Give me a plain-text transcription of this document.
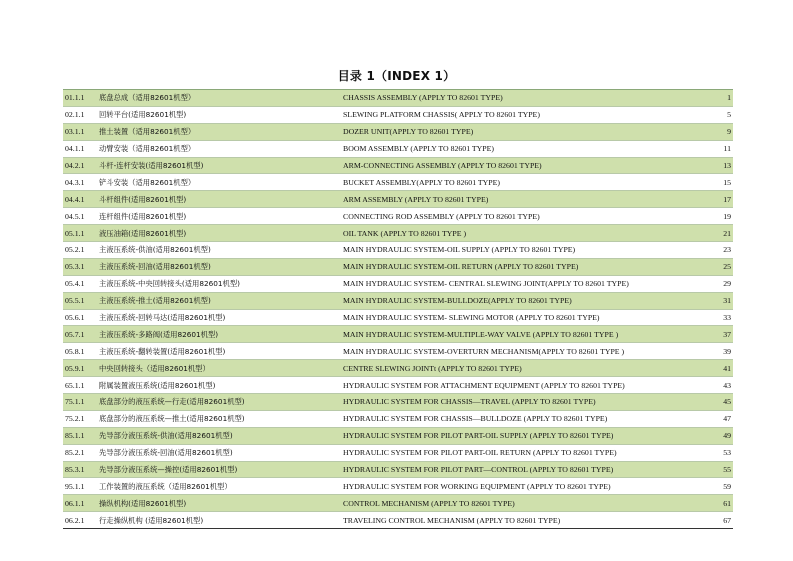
目录 1（INDEX 1）
01.1.1	底盘总成（适用82601机型）	CHASSIS ASSEMBLY (APPLY TO 82601 TYPE)	1
02.1.1	回转平台(适用82601机型)	SLEWING PLATFORM CHASSIS( APPLY TO 82601 TYPE)	5
03.1.1	推土装置（适用82601机型）	DOZER UNIT(APPLY TO 82601 TYPE)	9
04.1.1	动臂安装（适用82601机型）	BOOM ASSEMBLY (APPLY TO 82601 TYPE)	11
04.2.1	斗杆-连杆安装(适用82601机型)	ARM-CONNECTING ASSEMBLY (APPLY TO 82601 TYPE)	13
04.3.1	铲斗安装（适用82601机型）	BUCKET ASSEMBLY(APPLY TO 82601 TYPE)	15
04.4.1	斗杆组件(适用82601机型)	ARM ASSEMBLY (APPLY TO 82601 TYPE)	17
04.5.1	连杆组件(适用82601机型)	CONNECTING ROD ASSEMBLY (APPLY TO 82601 TYPE)	19
05.1.1	液压油箱(适用82601机型)	OIL TANK (APPLY TO 82601 TYPE )	21
05.2.1	主液压系统-供油(适用82601机型)	MAIN HYDRAULIC SYSTEM-OIL SUPPLY (APPLY TO 82601 TYPE)	23
05.3.1	主液压系统-回油(适用82601机型)	MAIN HYDRAULIC SYSTEM-OIL RETURN (APPLY TO 82601 TYPE)	25
05.4.1	主液压系统-中央回转接头(适用82601机型)	MAIN HYDRAULIC SYSTEM- CENTRAL SLEWING JOINT(APPLY TO 82601 TYPE)	29
05.5.1	主液压系统-推土(适用82601机型)	MAIN HYDRAULIC SYSTEM-BULLDOZE(APPLY TO 82601 TYPE)	31
05.6.1	主液压系统-回转马达(适用82601机型)	MAIN HYDRAULIC SYSTEM- SLEWING MOTOR (APPLY TO 82601 TYPE)	33
05.7.1	主液压系统-多路阀(适用82601机型)	MAIN HYDRAULIC SYSTEM-MULTIPLE-WAY VALVE (APPLY TO 82601 TYPE )	37
05.8.1	主液压系统-翻转装置(适用82601机型)	MAIN HYDRAULIC SYSTEM-OVERTURN MECHANISM(APPLY TO 82601 TYPE )	39
05.9.1	中央回转接头（适用82601机型）	CENTRE SLEWING JOINTt (APPLY TO 82601 TYPE)	41
65.1.1	附属装置液压系统(适用82601机型)	HYDRAULIC SYSTEM FOR ATTACHMENT EQUIPMENT (APPLY TO 82601 TYPE)	43
75.1.1	底盘部分的液压系统—行走(适用82601机型)	HYDRAULIC SYSTEM FOR CHASSIS—TRAVEL (APPLY TO 82601 TYPE)	45
75.2.1	底盘部分的液压系统—推土(适用82601机型)	HYDRAULIC SYSTEM FOR CHASSIS—BULLDOZE (APPLY TO 82601 TYPE)	47
85.1.1	先导部分液压系统-供油(适用82601机型)	HYDRAULIC SYSTEM FOR PILOT PART-OIL SUPPLY (APPLY TO 82601 TYPE)	49
85.2.1	先导部分液压系统-回油(适用82601机型)	HYDRAULIC SYSTEM FOR PILOT PART-OIL RETURN (APPLY TO 82601 TYPE)	53
85.3.1	先导部分液压系统—操控(适用82601机型)	HYDRAULIC SYSTEM FOR PILOT PART—CONTROL (APPLY TO 82601 TYPE)	55
95.1.1	工作装置的液压系统（适用82601机型）	HYDRAULIC SYSTEM FOR WORKING EQUIPMENT (APPLY TO 82601 TYPE)	59
06.1.1	操纵机构(适用82601机型)	CONTROL MECHANISM (APPLY TO 82601 TYPE)	61
06.2.1	行走操纵机构 (适用82601机型)	TRAVELING CONTROL MECHANISM (APPLY TO 82601 TYPE)	67
